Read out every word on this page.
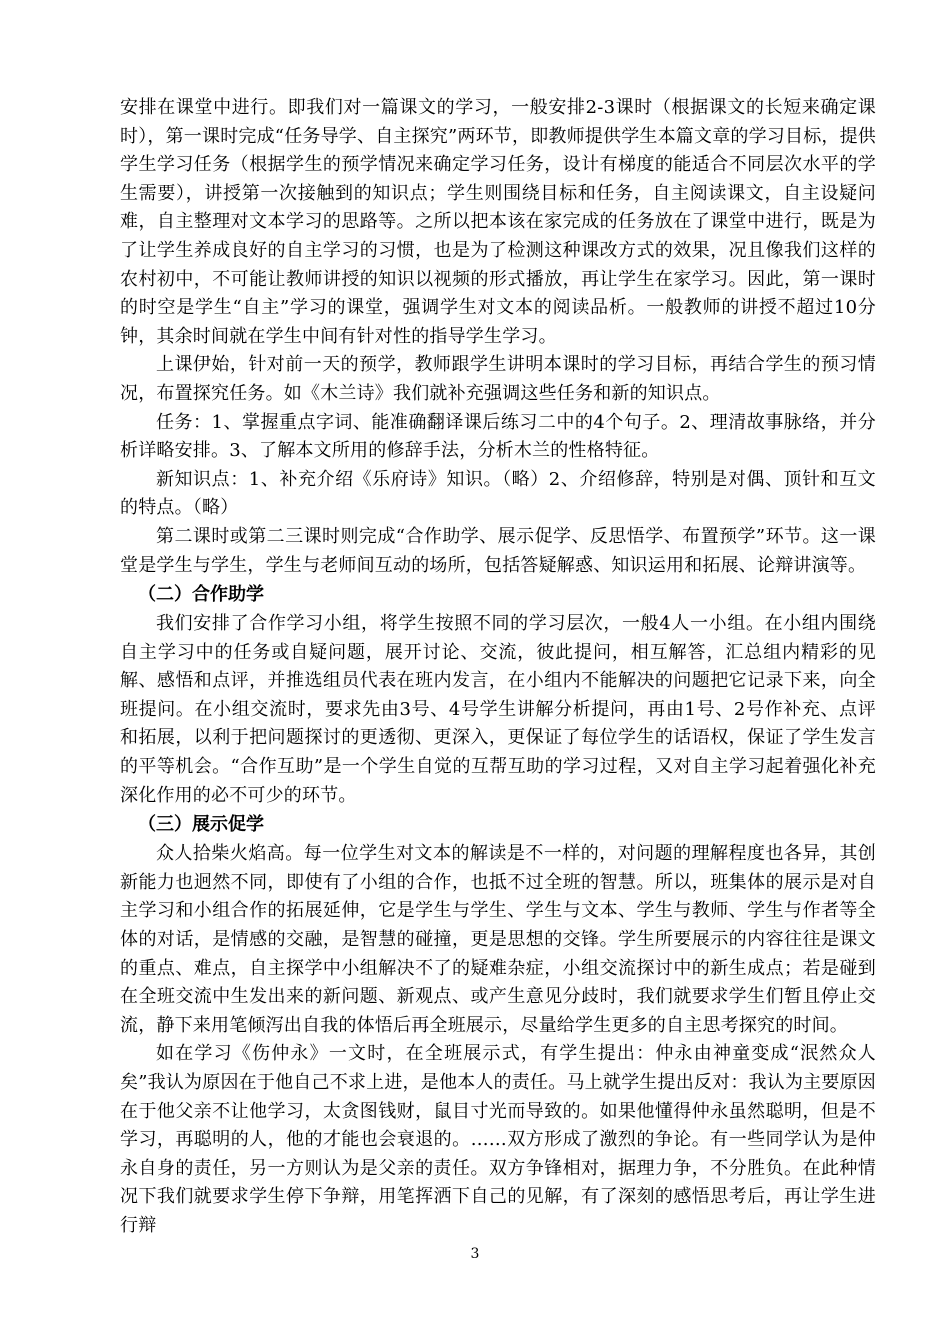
安排在课堂中进行。即我们对一篇课文的学习，一般安排2-3课时（根据课文的长短来确定课时），第一课时完成“任务导学、自主探究”两环节，即教师提供学生本篇文章的学习目标，提供学生学习任务（根据学生的预学情况来确定学习任务，设计有梯度的能适合不同层次水平的学生需要），讲授第一次接触到的知识点；学生则围绕目标和任务，自主阅读课文，自主设疑问难，自主整理对文本学习的思路等。之所以把本该在家完成的任务放在了课堂中进行，既是为了让学生养成良好的自主学习的习惯，也是为了检测这种课改方式的效果，况且像我们这样的农村初中，不可能让教师讲授的知识以视频的形式播放，再让学生在家学习。因此，第一课时的时空是学生“自主”学习的课堂，强调学生对文本的阅读品析。一般教师的讲授不超过10分钟，其余时间就在学生中间有针对性的指导学生学习。

上课伊始，针对前一天的预学，教师跟学生讲明本课时的学习目标，再结合学生的预习情况，布置探究任务。如《木兰诗》我们就补充强调这些任务和新的知识点。

任务：1、掌握重点字词、能准确翻译课后练习二中的4个句子。2、理清故事脉络，并分析详略安排。3、了解本文所用的修辞手法，分析木兰的性格特征。

新知识点：1、补充介绍《乐府诗》知识。（略）2、介绍修辞，特别是对偶、顶针和互文的特点。（略）

第二课时或第二三课时则完成“合作助学、展示促学、反思悟学、布置预学”环节。这一课堂是学生与学生，学生与老师间互动的场所，包括答疑解惑、知识运用和拓展、论辩讲演等。

（二）合作助学

我们安排了合作学习小组，将学生按照不同的学习层次，一般4人一小组。在小组内围绕自主学习中的任务或自疑问题，展开讨论、交流，彼此提问，相互解答，汇总组内精彩的见解、感悟和点评，并推选组员代表在班内发言，在小组内不能解决的问题把它记录下来，向全班提问。在小组交流时，要求先由3号、4号学生讲解分析提问，再由1号、2号作补充、点评和拓展，以利于把问题探讨的更透彻、更深入，更保证了每位学生的话语权，保证了学生发言的平等机会。“合作互助”是一个学生自觉的互帮互助的学习过程，又对自主学习起着强化补充深化作用的必不可少的环节。

（三）展示促学

众人拾柴火焰高。每一位学生对文本的解读是不一样的，对问题的理解程度也各异，其创新能力也迥然不同，即使有了小组的合作，也抵不过全班的智慧。所以，班集体的展示是对自主学习和小组合作的拓展延伸，它是学生与学生、学生与文本、学生与教师、学生与作者等全体的对话，是情感的交融，是智慧的碰撞，更是思想的交锋。学生所要展示的内容往往是课文的重点、难点，自主探学中小组解决不了的疑难杂症，小组交流探讨中的新生成点；若是碰到在全班交流中生发出来的新问题、新观点、或产生意见分歧时，我们就要求学生们暂且停止交流，静下来用笔倾泻出自我的体悟后再全班展示，尽量给学生更多的自主思考探究的时间。

如在学习《伤仲永》一文时，在全班展示式，有学生提出：仲永由神童变成“泯然众人矣”我认为原因在于他自己不求上进，是他本人的责任。马上就学生提出反对：我认为主要原因在于他父亲不让他学习，太贪图钱财，鼠目寸光而导致的。如果他懂得仲永虽然聪明，但是不学习，再聪明的人，他的才能也会衰退的。……双方形成了激烈的争论。有一些同学认为是仲永自身的责任，另一方则认为是父亲的责任。双方争锋相对，据理力争，不分胜负。在此种情况下我们就要求学生停下争辩，用笔挥洒下自己的见解，有了深刻的感悟思考后，再让学生进行辩

3
